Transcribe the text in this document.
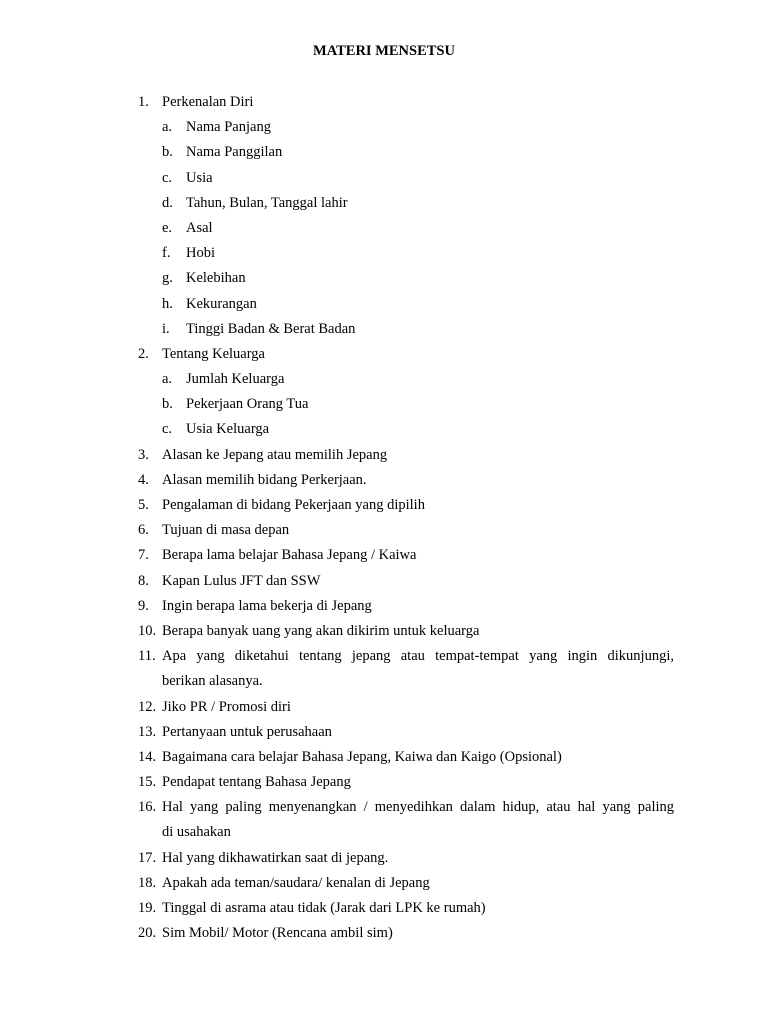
MATERI MENSETSU
1. Perkenalan Diri
a. Nama Panjang
b. Nama Panggilan
c. Usia
d. Tahun, Bulan, Tanggal lahir
e. Asal
f. Hobi
g. Kelebihan
h. Kekurangan
i. Tinggi Badan & Berat Badan
2. Tentang Keluarga
a. Jumlah Keluarga
b. Pekerjaan Orang Tua
c. Usia Keluarga
3. Alasan ke Jepang atau memilih Jepang
4. Alasan memilih bidang Perkerjaan.
5. Pengalaman di bidang Pekerjaan yang dipilih
6. Tujuan di masa depan
7. Berapa lama belajar Bahasa Jepang / Kaiwa
8. Kapan Lulus JFT dan SSW
9. Ingin berapa lama bekerja di Jepang
10. Berapa banyak uang yang akan dikirim untuk keluarga
11. Apa yang diketahui tentang jepang atau tempat-tempat yang ingin dikunjungi,
berikan alasanya.
12. Jiko PR / Promosi diri
13. Pertanyaan untuk perusahaan
14. Bagaimana cara belajar Bahasa Jepang, Kaiwa dan Kaigo (Opsional)
15. Pendapat tentang Bahasa Jepang
16. Hal yang paling menyenangkan / menyedihkan dalam hidup, atau hal yang paling
di usahakan
17. Hal yang dikhawatirkan saat di jepang.
18. Apakah ada teman/saudara/ kenalan di Jepang
19. Tinggal di asrama atau tidak (Jarak dari LPK ke rumah)
20. Sim Mobil/ Motor (Rencana ambil sim)
